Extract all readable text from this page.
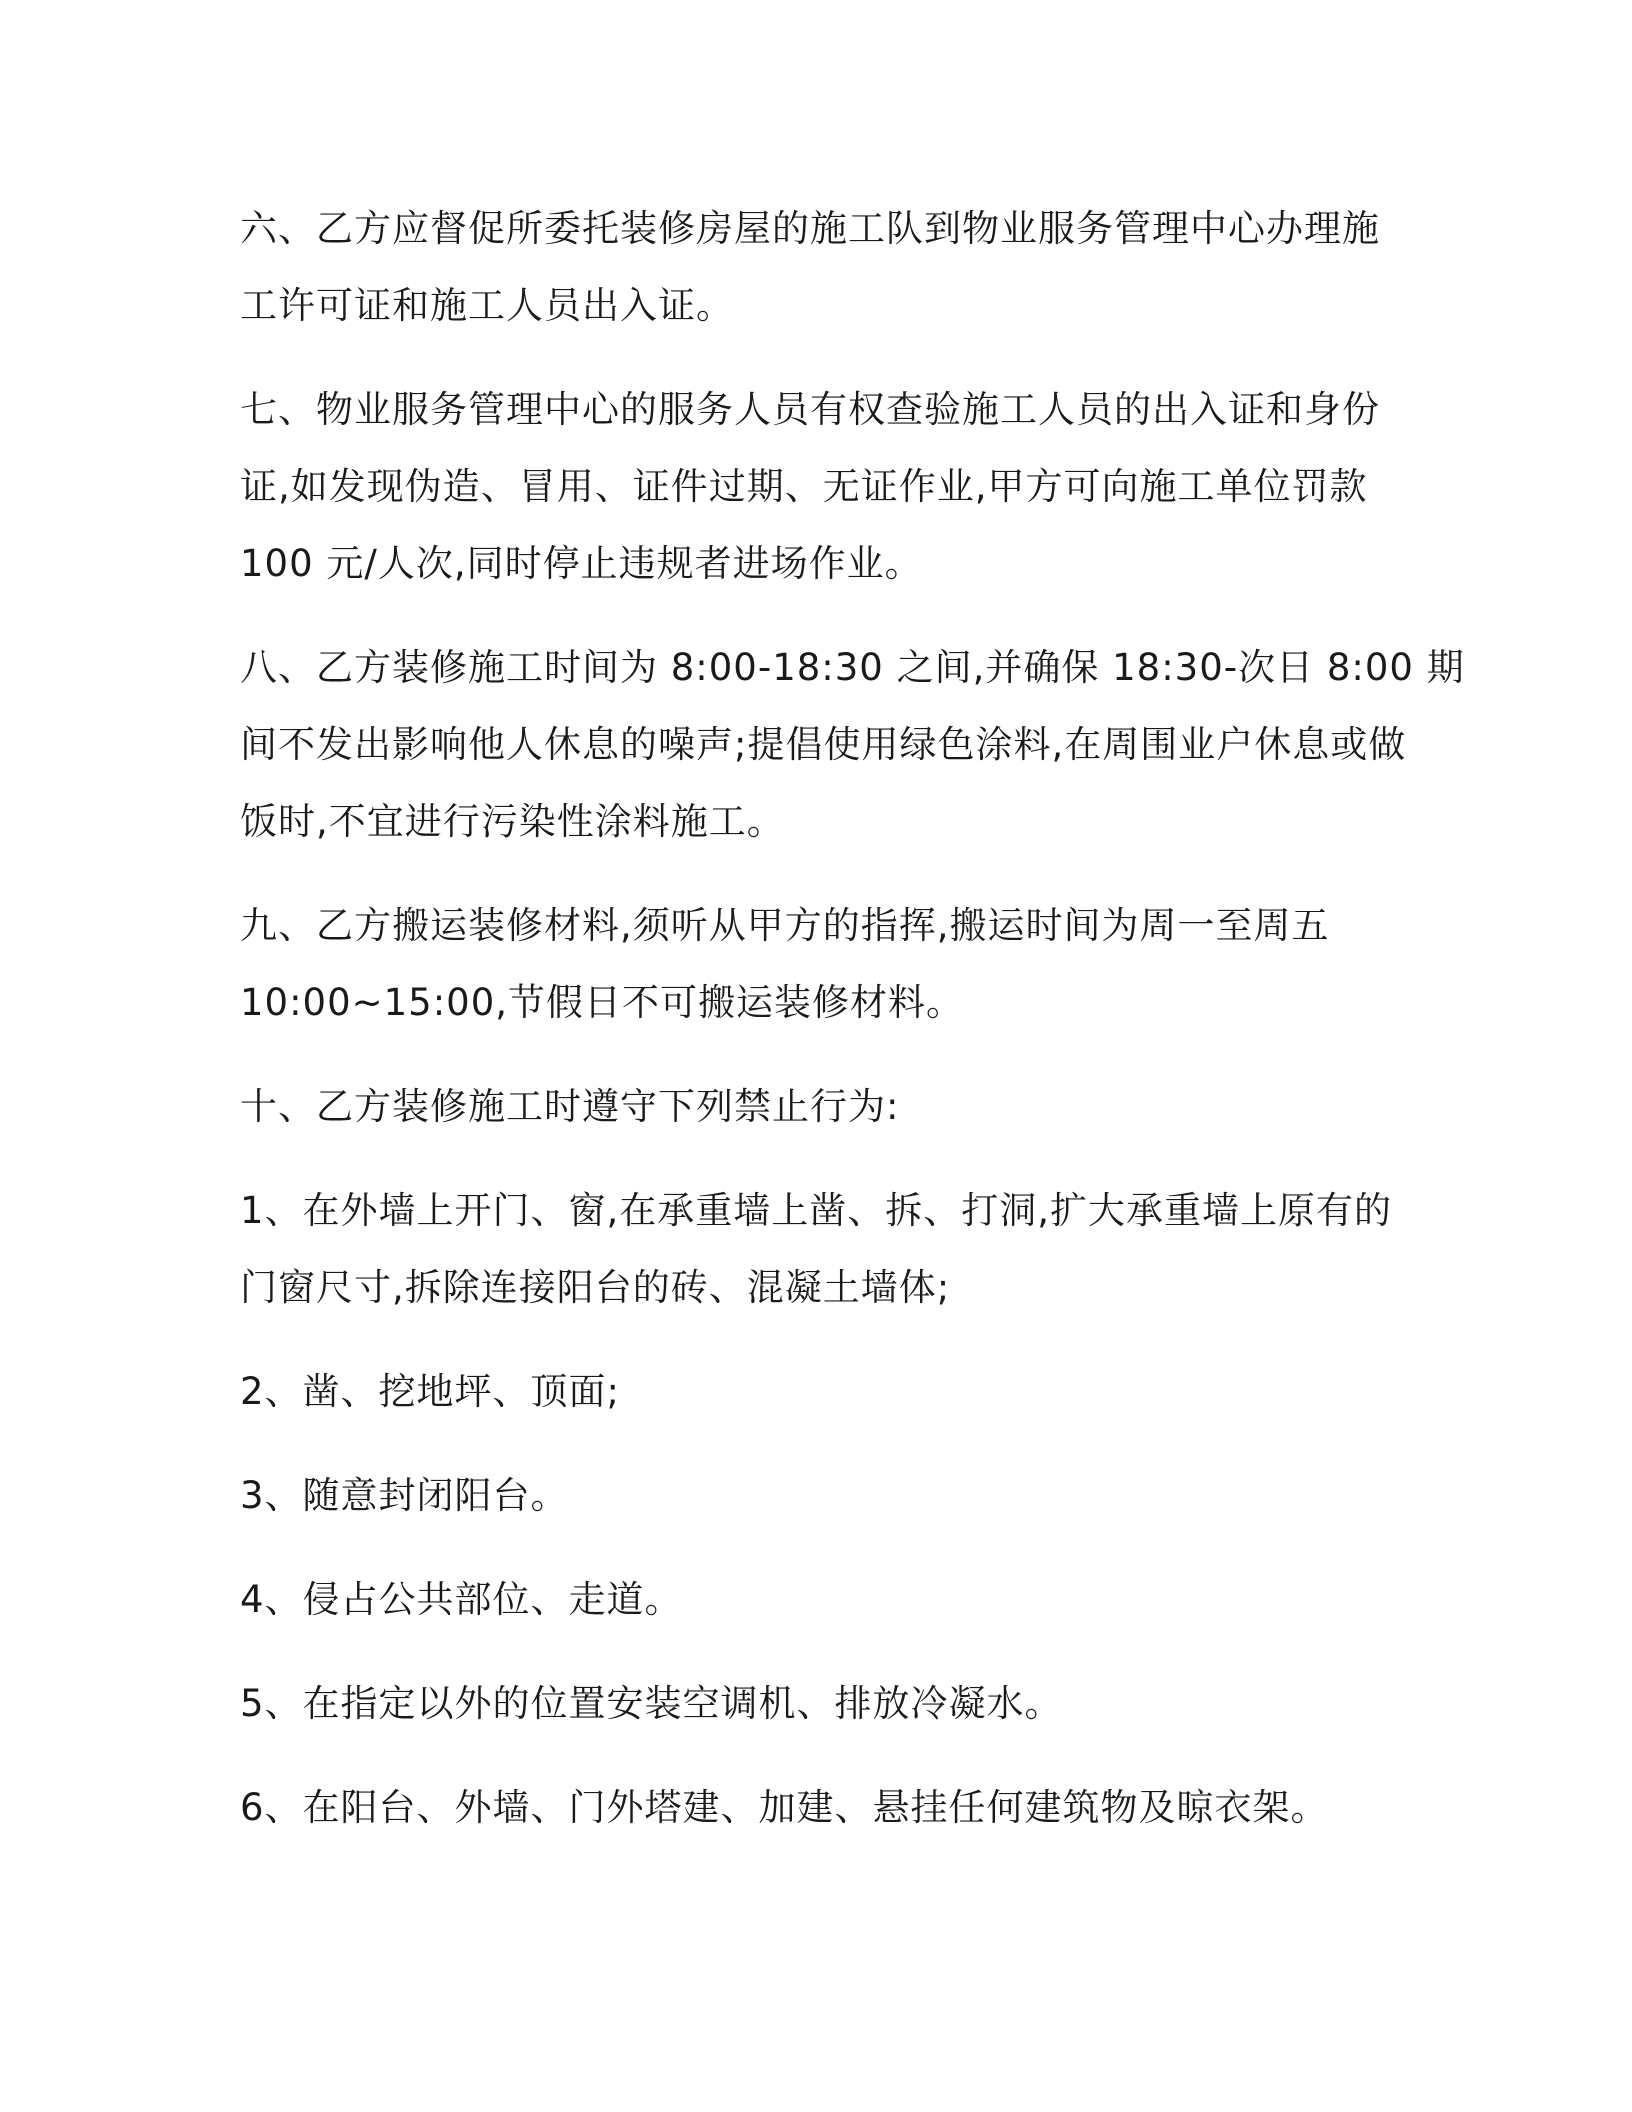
六、乙方应督促所委托装修房屋的施工队到物业服务管理中心办理施
工许可证和施工人员出入证。

七、物业服务管理中心的服务人员有权查验施工人员的出入证和身份
证,如发现伪造、冒用、证件过期、无证作业,甲方可向施工单位罚款
100 元/人次,同时停止违规者进场作业。

八、乙方装修施工时间为 8:00-18:30 之间,并确保 18:30-次日 8:00 期
间不发出影响他人休息的噪声;提倡使用绿色涂料,在周围业户休息或做
饭时,不宜进行污染性涂料施工。

九、乙方搬运装修材料,须听从甲方的指挥,搬运时间为周一至周五
10:00~15:00,节假日不可搬运装修材料。

十、乙方装修施工时遵守下列禁止行为:

1、在外墙上开门、窗,在承重墙上凿、拆、打洞,扩大承重墙上原有的
门窗尺寸,拆除连接阳台的砖、混凝土墙体;

2、凿、挖地坪、顶面;

3、随意封闭阳台。

4、侵占公共部位、走道。

5、在指定以外的位置安装空调机、排放冷凝水。

6、在阳台、外墙、门外塔建、加建、悬挂任何建筑物及晾衣架。
